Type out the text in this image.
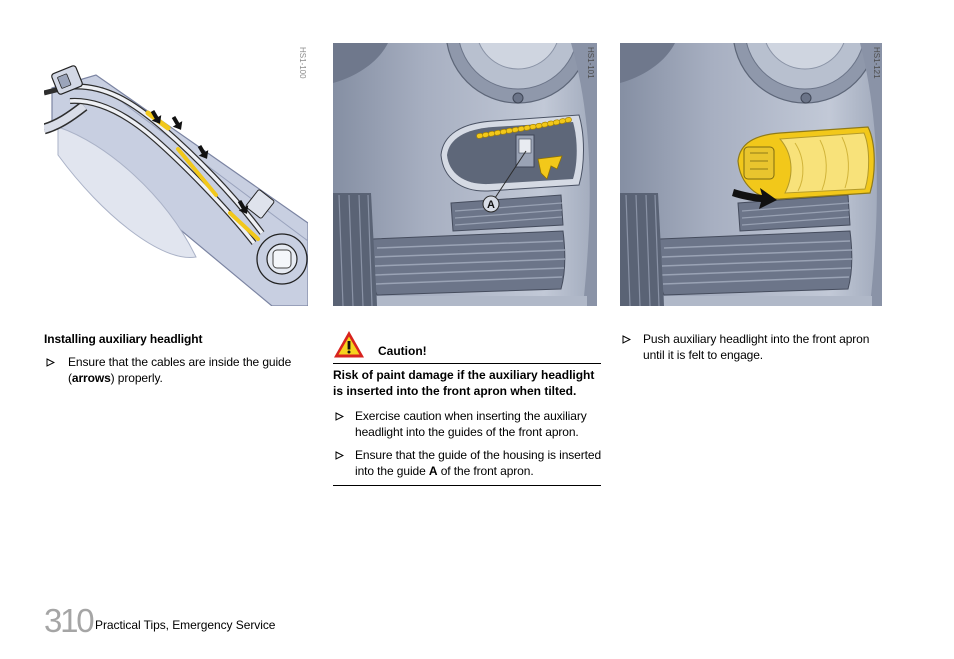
HS1-100
A
HS1-101	HS1-121

Installing auxiliary headlight

Ensure that the cables are inside the guide (arrows) properly.

Caution!

Risk of paint damage if the auxiliary headlight is inserted into the front apron when tilted.

Exercise caution when inserting the auxiliary headlight into the guides of the front apron.
Ensure that the guide of the housing is inserted into the guide A of the front apron.
Push auxiliary headlight into the front apron until it is felt to engage.

310 Practical Tips, Emergency Service
